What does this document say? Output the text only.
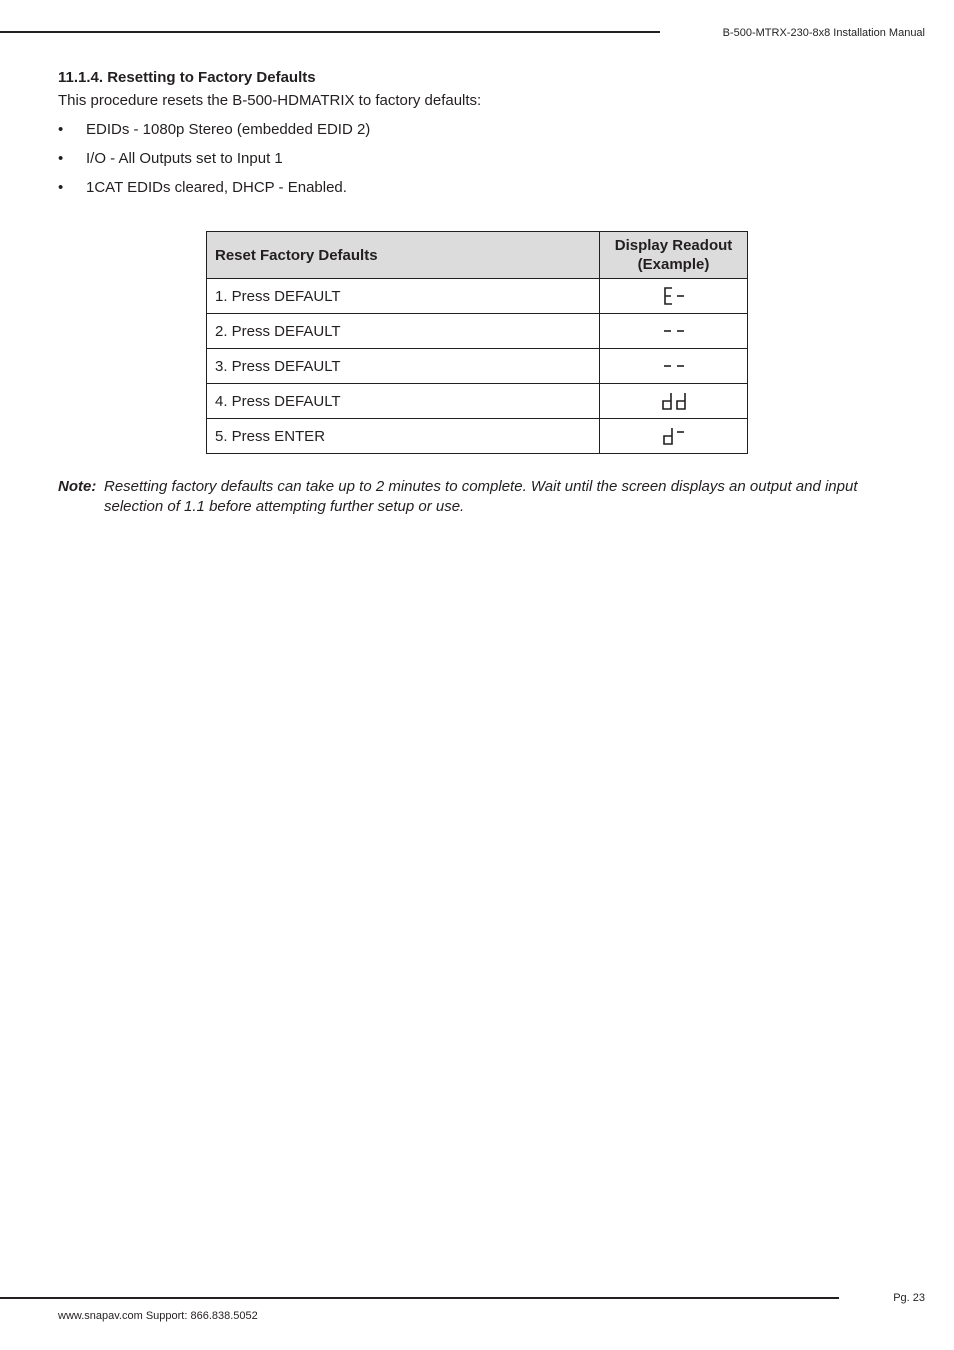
B-500-MTRX-230-8x8 Installation Manual
11.1.4. Resetting to Factory Defaults
This procedure resets the B-500-HDMATRIX to factory defaults:
• EDIDs - 1080p Stereo (embedded EDID 2)
• I/O - All Outputs set to Input 1
• 1CAT EDIDs cleared, DHCP - Enabled.
Reset Factory Defaults	Display Readout (Example)
1. Press DEFAULT	
2. Press DEFAULT	
3. Press DEFAULT	
4. Press DEFAULT	
5. Press ENTER	
Note: Resetting factory defaults can take up to 2 minutes to complete. Wait until the screen displays an output and input selection of 1.1 before attempting further setup or use.
www.snapav.com Support: 866.838.5052
Pg. 23
